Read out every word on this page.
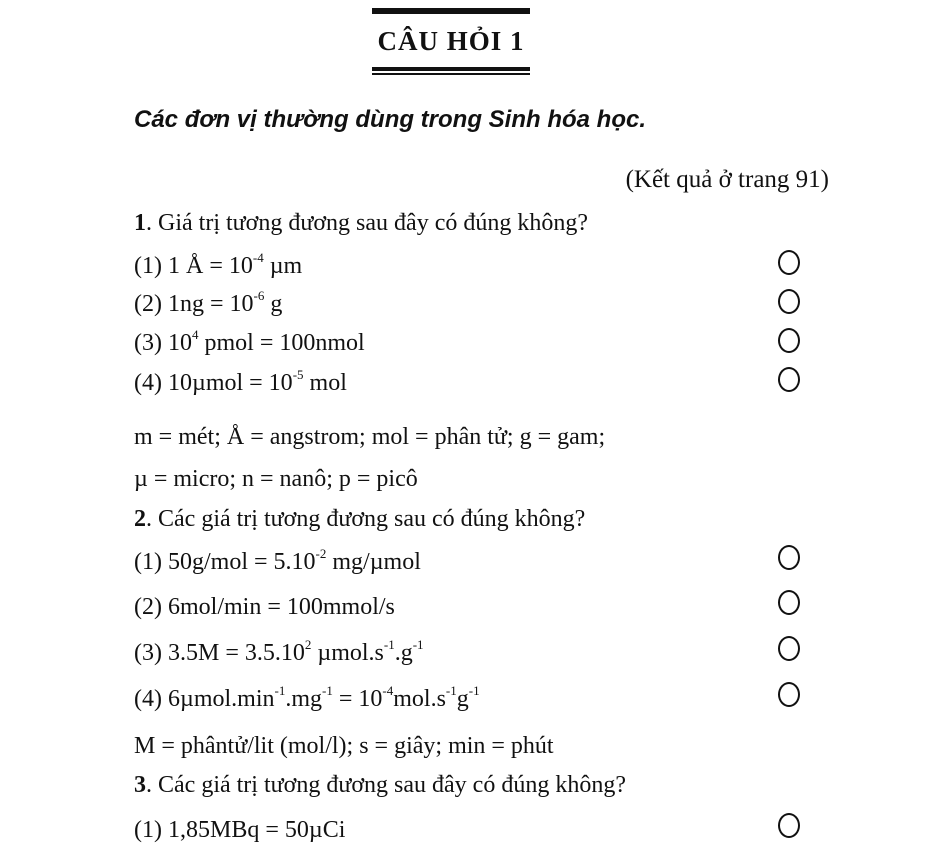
CÂU HỎI 1
Các đơn vị thường dùng trong Sinh hóa học.
(Kết quả ở trang 91)
1. Giá trị tương đương sau đây có đúng không?
(1) 1 Å = $10^{-4}$ µm
(2) $1ng = 10^{-6}$ g
(3) $10^4$ pmol = 100nmol
(4) $10\mu mol = 10^{-5}$ mol
m = mét; Å = angstrom; mol = phân tử; g = gam;
µ = micro; n = nanô; p = picô
2. Các giá trị tương đương sau có đúng không?
(1) $50g/mol = 5.10^{-2}$ mg/µmol
(2) 6mol/min = 100mmol/s
(3) $3.5M = 3.5.10^2$ $\mu mol.s^{-1}.g^{-1}$
(4) $6\mu mol.\min^{-1}.mg^{-1} = 10^{-4}mol.s^{-1}g^{-1}$
M = phântử/lit (mol/l); s = giây; min = phút
3. Các giá trị tương đương sau đây có đúng không?
(1) 1,85MBq = 50µCi
